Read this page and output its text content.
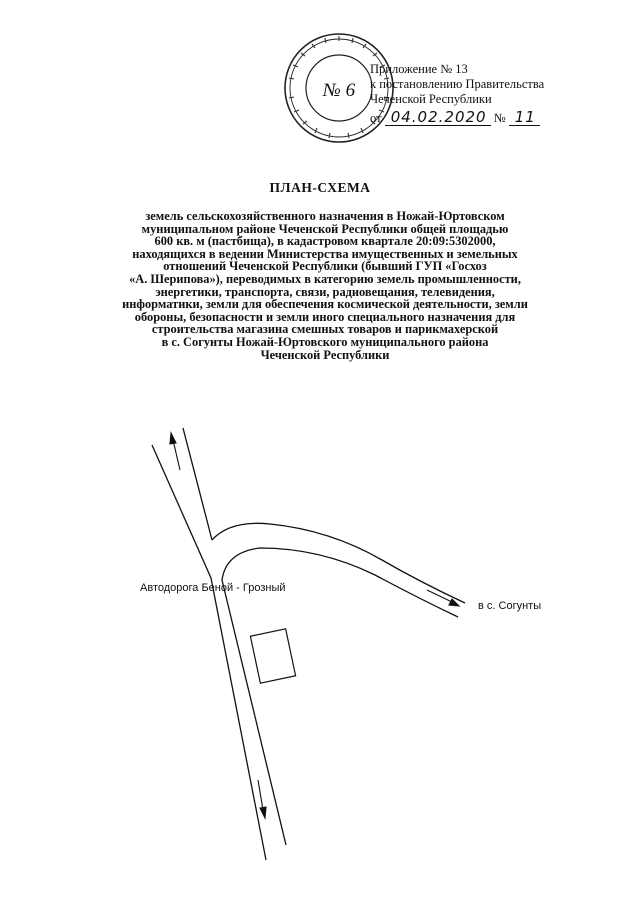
№ 6
Приложение № 13
к постановлению Правительства
Чеченской Республики
от 04.02.2020 № 11
ПЛАН-СХЕМА
земель сельскохозяйственного назначения в Ножай-Юртовском
муниципальном районе Чеченской Республики общей площадью
600 кв. м (пастбища), в кадастровом квартале 20:09:5302000,
находящихся в ведении Министерства имущественных и земельных
отношений Чеченской Республики (бывший ГУП «Госхоз
«А. Шерипова»), переводимых в категорию земель промышленности,
энергетики, транспорта, связи, радиовещания, телевидения,
информатики, земли для обеспечения космической деятельности, земли
обороны, безопасности и земли иного специального назначения для
строительства магазина смешных товаров и парикмахерской
в с. Согунты Ножай-Юртовского муниципального района
Чеченской Республики
Автодорога Беной - Грозный
в с. Согунты
